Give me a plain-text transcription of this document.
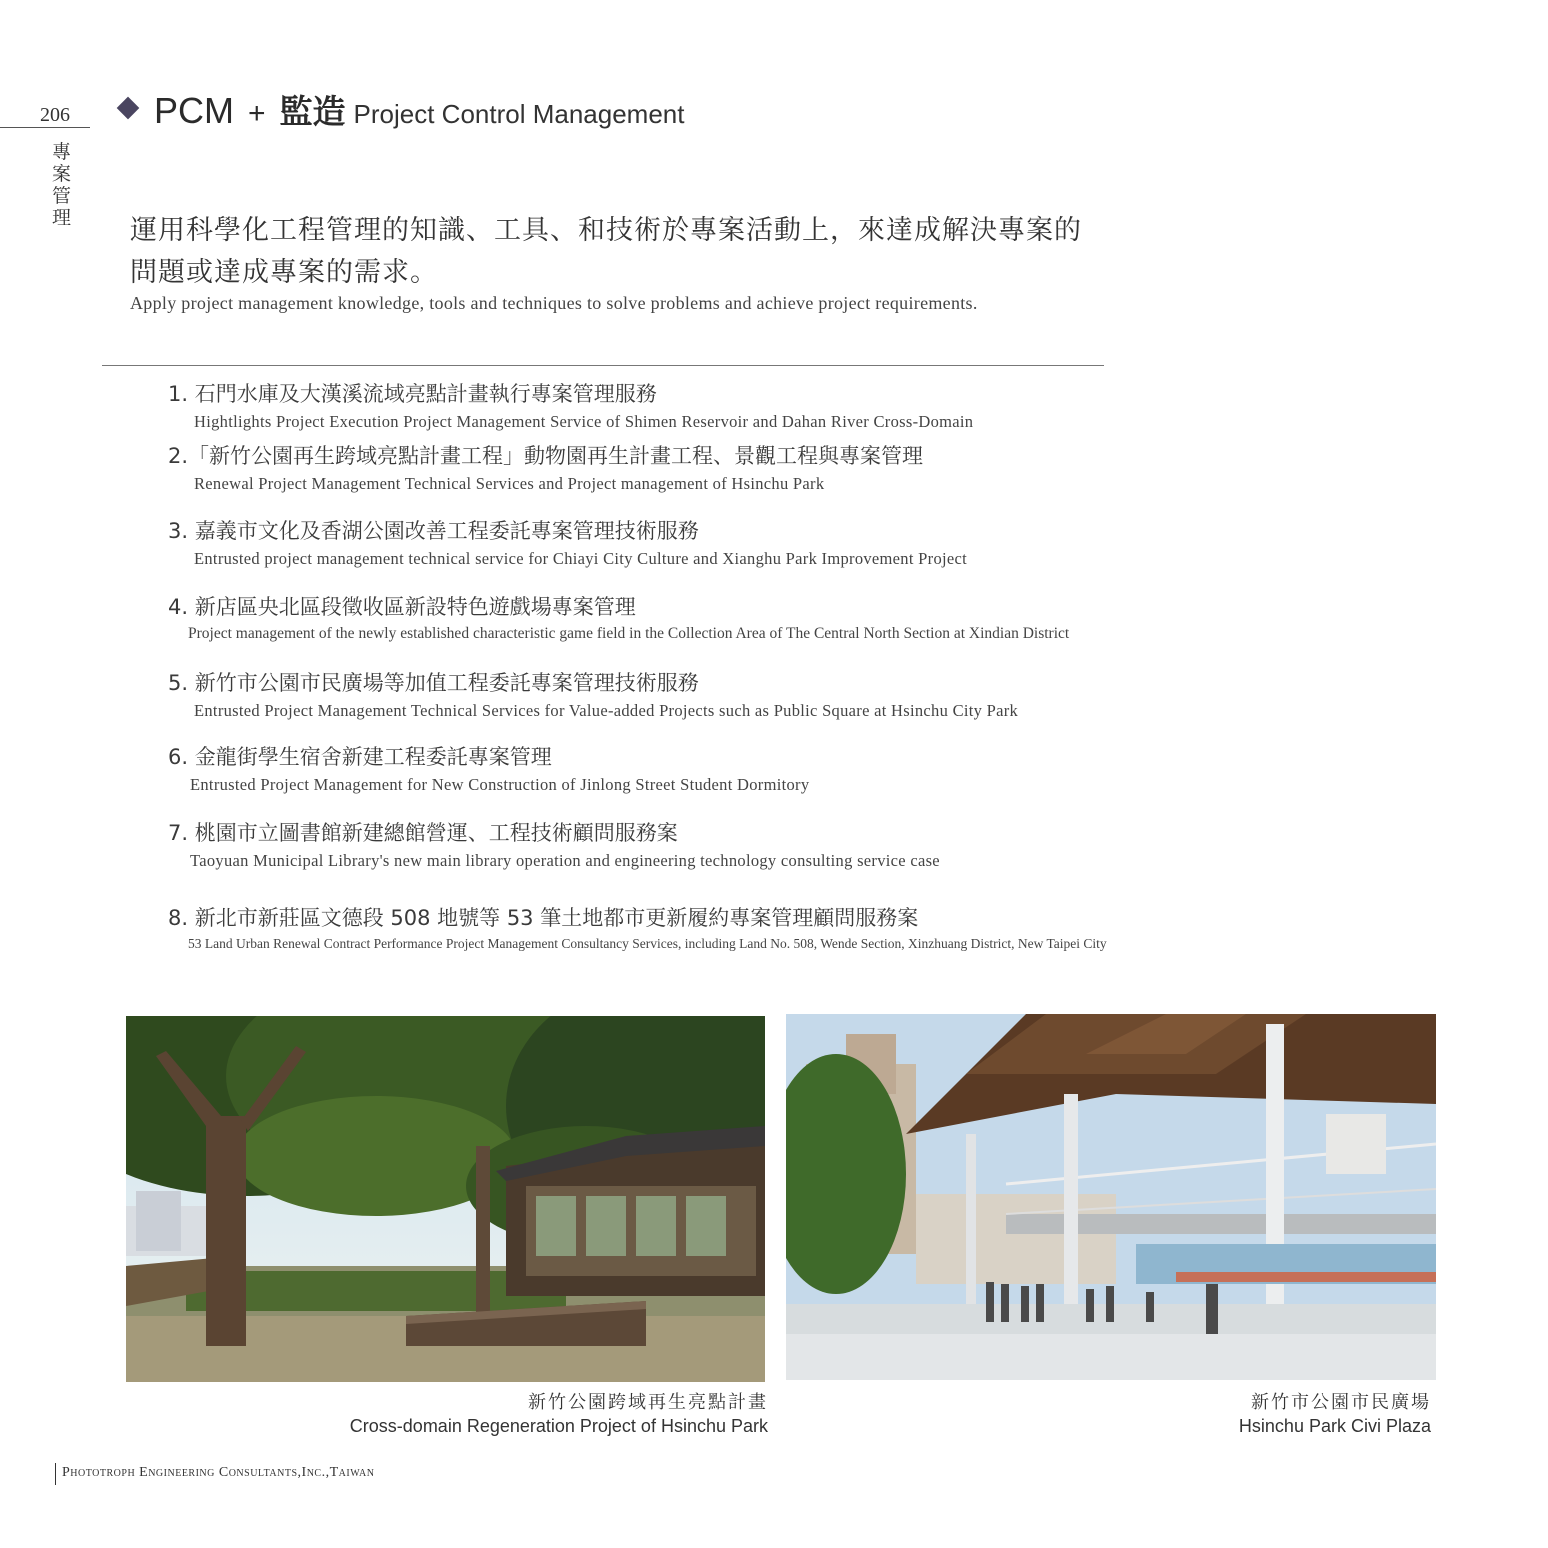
206
專案管理
PCM + 監造 Project Control Management
運用科學化工程管理的知識、工具、和技術於專案活動上，來達成解決專案的問題或達成專案的需求。
Apply project management knowledge, tools and techniques to solve problems and achieve project requirements.
1. 石門水庫及大漢溪流域亮點計畫執行專案管理服務
Hightlights Project Execution Project Management Service of Shimen Reservoir and Dahan River Cross-Domain
2.「新竹公園再生跨域亮點計畫工程」動物園再生計畫工程、景觀工程與專案管理
Renewal Project Management Technical Services and Project management of Hsinchu Park
3. 嘉義市文化及香湖公園改善工程委託專案管理技術服務
Entrusted project management technical service for Chiayi City Culture and Xianghu Park Improvement Project
4. 新店區央北區段徵收區新設特色遊戲場專案管理
Project management of the newly established characteristic game field in the Collection Area of The Central North Section at Xindian District
5. 新竹市公園市民廣場等加值工程委託專案管理技術服務
Entrusted Project Management Technical Services for Value-added Projects such as Public Square at Hsinchu City Park
6. 金龍街學生宿舍新建工程委託專案管理
Entrusted Project Management for New Construction of Jinlong Street Student Dormitory
7. 桃園市立圖書館新建總館營運、工程技術顧問服務案
Taoyuan Municipal Library's new main library operation and engineering technology consulting service case
8. 新北市新莊區文德段 508 地號等 53 筆土地都市更新履約專案管理顧問服務案
53 Land Urban Renewal Contract Performance Project Management Consultancy Services, including Land No. 508, Wende Section, Xinzhuang District, New Taipei City
新竹公園跨域再生亮點計畫
Cross-domain Regeneration Project of Hsinchu Park
新竹市公園市民廣場
Hsinchu Park Civi Plaza
Phototroph Engineering Consultants,Inc.,Taiwan
